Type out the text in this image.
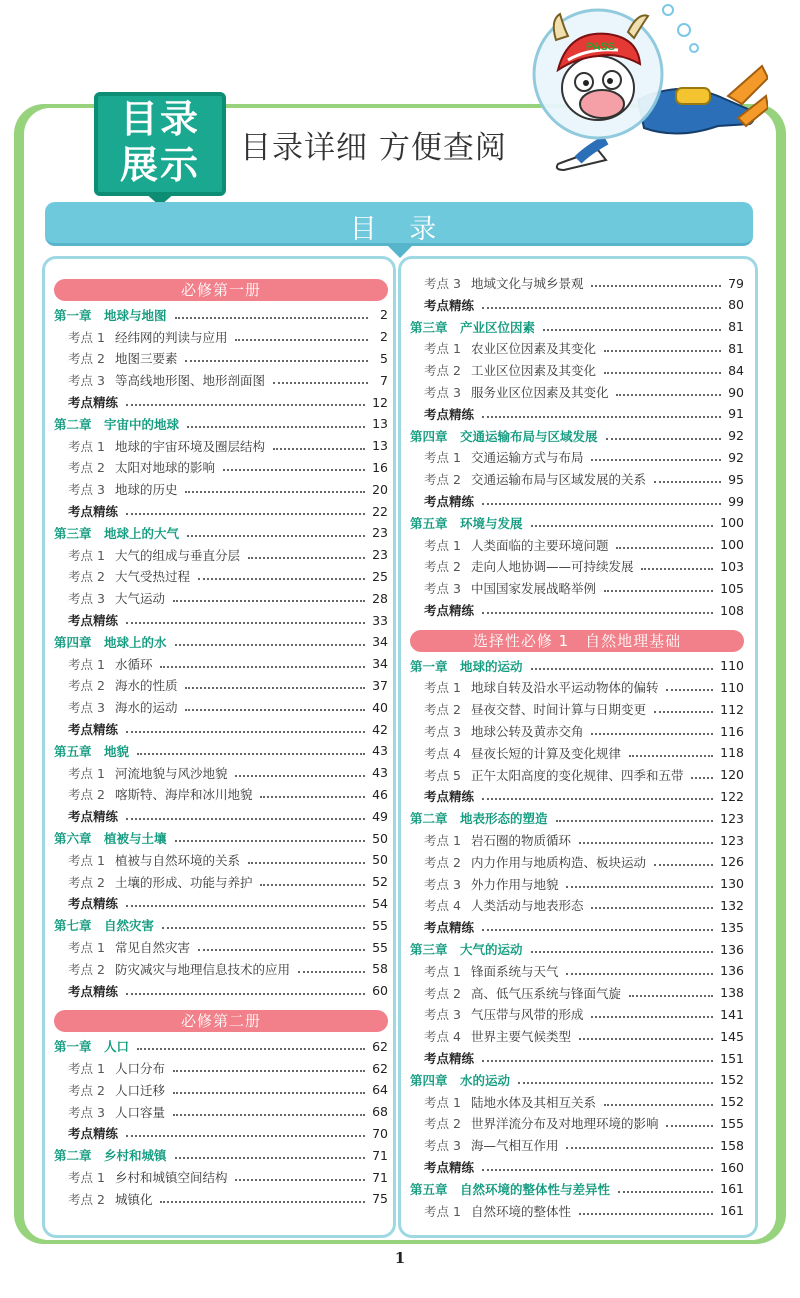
目录
展示	目录详细 方便查阅
PASS
目 录
1
必修第一册
第一章　地球与地图	2
考点 1 经纬网的判读与应用	2
考点 2 地图三要素	5
考点 3 等高线地形图、地形剖面图	7
考点精练	12
第二章　宇宙中的地球	13
考点 1 地球的宇宙环境及圈层结构	13
考点 2 太阳对地球的影响	16
考点 3 地球的历史	20
考点精练	22
第三章　地球上的大气	23
考点 1 大气的组成与垂直分层	23
考点 2 大气受热过程	25
考点 3 大气运动	28
考点精练	33
第四章　地球上的水	34
考点 1 水循环	34
考点 2 海水的性质	37
考点 3 海水的运动	40
考点精练	42
第五章　地貌	43
考点 1 河流地貌与风沙地貌	43
考点 2 喀斯特、海岸和冰川地貌	46
考点精练	49
第六章　植被与土壤	50
考点 1 植被与自然环境的关系	50
考点 2 土壤的形成、功能与养护	52
考点精练	54
第七章　自然灾害	55
考点 1 常见自然灾害	55
考点 2 防灾减灾与地理信息技术的应用	58
考点精练	60
必修第二册
第一章　人口	62
考点 1 人口分布	62
考点 2 人口迁移	64
考点 3 人口容量	68
考点精练	70
第二章　乡村和城镇	71
考点 1 乡村和城镇空间结构	71
考点 2 城镇化	75
考点 3 地域文化与城乡景观	79
考点精练	80
第三章　产业区位因素	81
考点 1 农业区位因素及其变化	81
考点 2 工业区位因素及其变化	84
考点 3 服务业区位因素及其变化	90
考点精练	91
第四章　交通运输布局与区域发展	92
考点 1 交通运输方式与布局	92
考点 2 交通运输布局与区域发展的关系	95
考点精练	99
第五章　环境与发展	100
考点 1 人类面临的主要环境问题	100
考点 2 走向人地协调——可持续发展	103
考点 3 中国国家发展战略举例	105
考点精练	108
选择性必修 1　自然地理基础
第一章　地球的运动	110
考点 1 地球自转及沿水平运动物体的偏转	110
考点 2 昼夜交替、时间计算与日期变更	112
考点 3 地球公转及黄赤交角	116
考点 4 昼夜长短的计算及变化规律	118
考点 5 正午太阳高度的变化规律、四季和五带	120
考点精练	122
第二章　地表形态的塑造	123
考点 1 岩石圈的物质循环	123
考点 2 内力作用与地质构造、板块运动	126
考点 3 外力作用与地貌	130
考点 4 人类活动与地表形态	132
考点精练	135
第三章　大气的运动	136
考点 1 锋面系统与天气	136
考点 2 高、低气压系统与锋面气旋	138
考点 3 气压带与风带的形成	141
考点 4 世界主要气候类型	145
考点精练	151
第四章　水的运动	152
考点 1 陆地水体及其相互关系	152
考点 2 世界洋流分布及对地理环境的影响	155
考点 3 海—气相互作用	158
考点精练	160
第五章　自然环境的整体性与差异性	161
考点 1 自然环境的整体性	161
